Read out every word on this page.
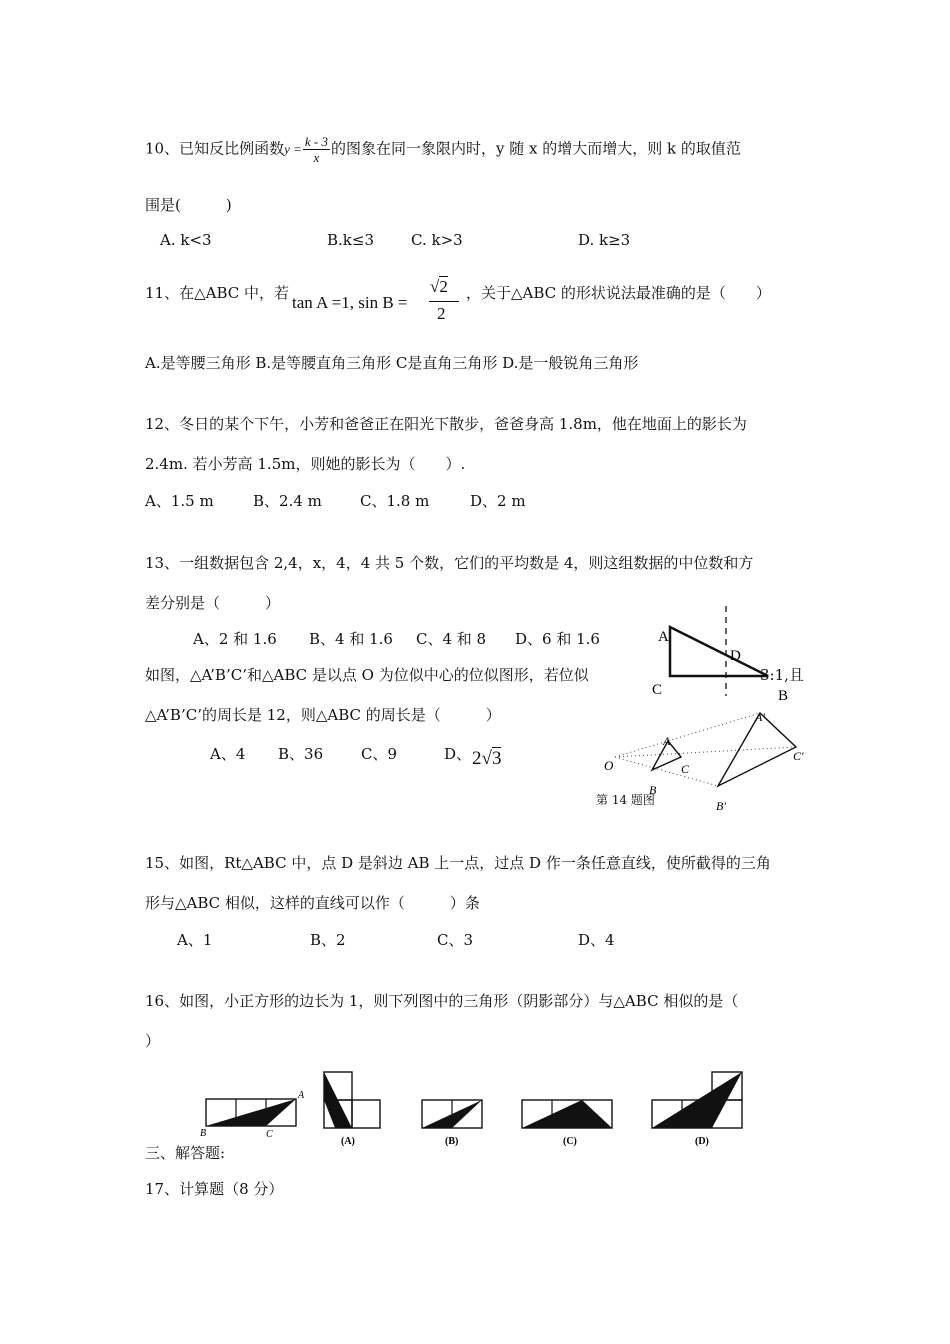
10、已知反比例函数$y = \frac{k - 3}{x}$ 的图象在同一象限内时，y 随 x 的增大而增大，则 k 的取值范
围是(　　　)
A. k<3	B.k≤3 C. k>3	D. k≥3
11、在△ABC 中，若 tan A =1, sin B =
√2
2
，关于△ABC 的形状说法最准确的是（　　）
A.是等腰三角形 B.是等腰直角三角形 C是直角三角形 D.是一般锐角三角形
12、冬日的某个下午，小芳和爸爸正在阳光下散步，爸爸身高 1.8m，他在地面上的影长为
2.4m. 若小芳高 1.5m，则她的影长为（　　）.
A、1.5 m	B、2.4 m	C、1.8 m	D、2 m
13、一组数据包含 2,4，x，4，4 共 5 个数，它们的平均数是 4，则这组数据的中位数和方
差分别是（　　　）
A、2 和 1.6 B、4 和 1.6 C、4 和 8 D、6 和 1.6
如图，△A’B’C’和△ABC 是以点 O 为位似中心的位似图形，若位似	3:1,且
△A’B’C’的周长是 12，则△ABC 的周长是（　　　）
A、4 B、36	C、9	D、 2√3
A
D
C	B
O
A
C
B
A'
C'
B'
第 14 题图
15、如图，Rt△ABC 中，点 D 是斜边 AB 上一点，过点 D 作一条任意直线，使所截得的三角
形与△ABC 相似，这样的直线可以作（　　　）条
A、1	B、2	C、3	D、4
16、如图，小正方形的边长为 1，则下列图中的三角形（阴影部分）与△ABC 相似的是（
）
A
B	C
(A)	(B)	(C)	(D)
三、解答题:
17、计算题（8 分）
